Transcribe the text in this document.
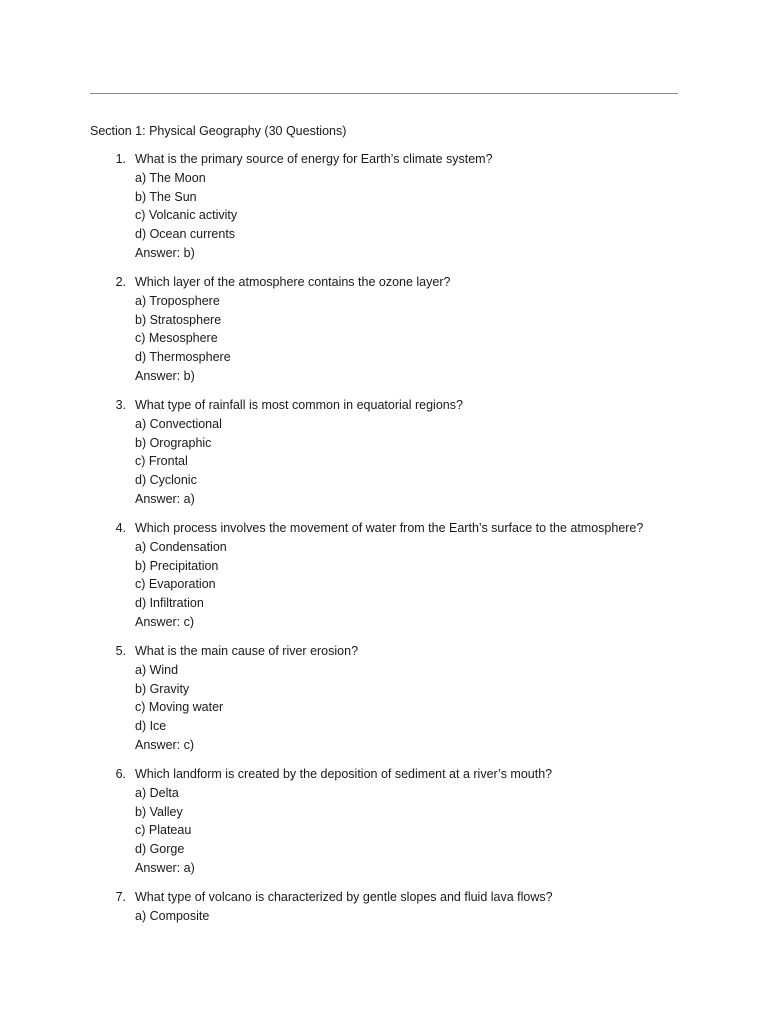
Section 1: Physical Geography (30 Questions)
1. What is the primary source of energy for Earth’s climate system?
a) The Moon
b) The Sun
c) Volcanic activity
d) Ocean currents
Answer: b)
2. Which layer of the atmosphere contains the ozone layer?
a) Troposphere
b) Stratosphere
c) Mesosphere
d) Thermosphere
Answer: b)
3. What type of rainfall is most common in equatorial regions?
a) Convectional
b) Orographic
c) Frontal
d) Cyclonic
Answer: a)
4. Which process involves the movement of water from the Earth’s surface to the atmosphere?
a) Condensation
b) Precipitation
c) Evaporation
d) Infiltration
Answer: c)
5. What is the main cause of river erosion?
a) Wind
b) Gravity
c) Moving water
d) Ice
Answer: c)
6. Which landform is created by the deposition of sediment at a river’s mouth?
a) Delta
b) Valley
c) Plateau
d) Gorge
Answer: a)
7. What type of volcano is characterized by gentle slopes and fluid lava flows?
a) Composite
